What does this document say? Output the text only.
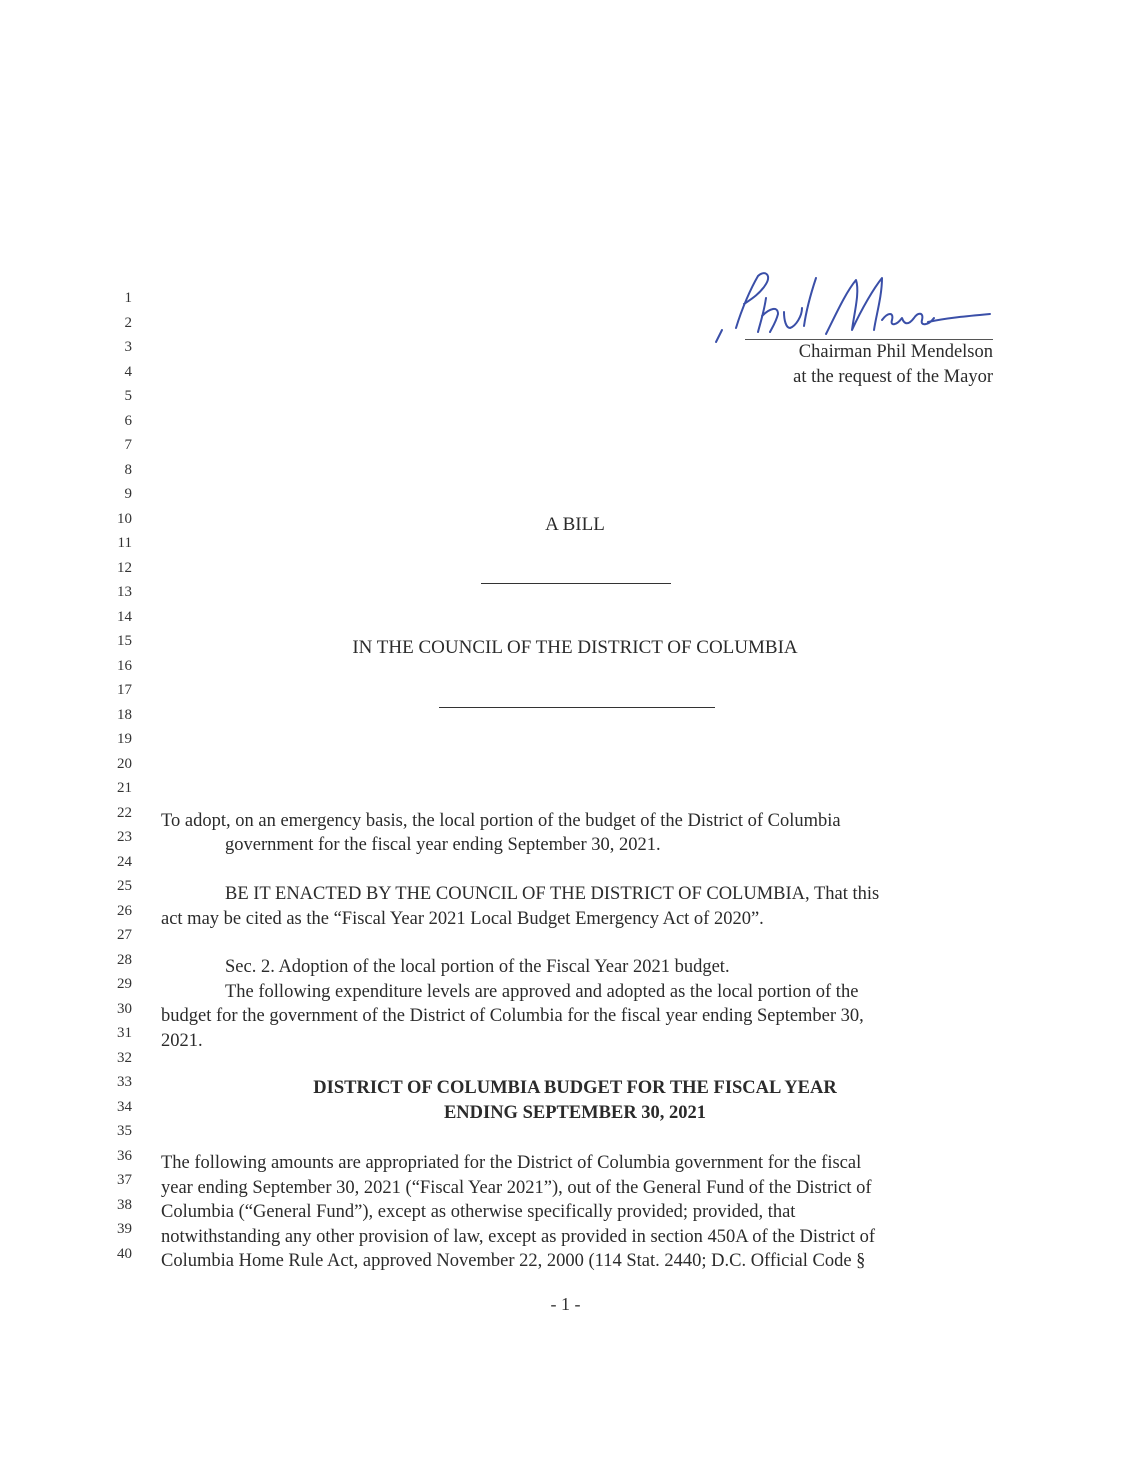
1
2
3
4
5
6
7
8
9
10
11
12
13
14
15
16
17
18
19
20
21
22
23
24
25
26
27
28
29
30
31
32
33
34
35
36
37
38
39
40
Chairman Phil Mendelson
at the request of the Mayor
A BILL
IN THE COUNCIL OF THE DISTRICT OF COLUMBIA
To adopt, on an emergency basis, the local portion of the budget of the District of Columbia
government for the fiscal year ending September 30, 2021.
BE IT ENACTED BY THE COUNCIL OF THE DISTRICT OF COLUMBIA, That this
act may be cited as the “Fiscal Year 2021 Local Budget Emergency Act of 2020”.
Sec. 2. Adoption of the local portion of the Fiscal Year 2021 budget.
The following expenditure levels are approved and adopted as the local portion of the
budget for the government of the District of Columbia for the fiscal year ending September 30,
2021.
DISTRICT OF COLUMBIA BUDGET FOR THE FISCAL YEAR
ENDING SEPTEMBER 30, 2021
The following amounts are appropriated for the District of Columbia government for the fiscal
year ending September 30, 2021 (“Fiscal Year 2021”), out of the General Fund of the District of
Columbia (“General Fund”), except as otherwise specifically provided; provided, that
notwithstanding any other provision of law, except as provided in section 450A of the District of
Columbia Home Rule Act, approved November 22, 2000 (114 Stat. 2440; D.C. Official Code §
- 1 -
